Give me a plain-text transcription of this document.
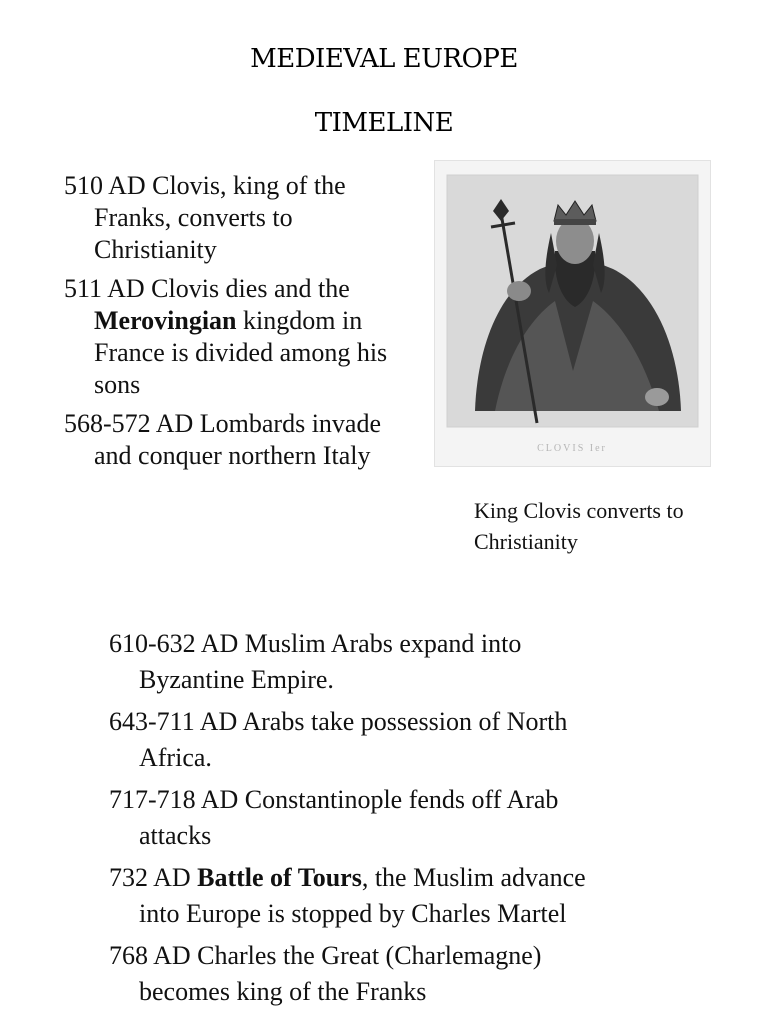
MEDIEVAL EUROPE
TIMELINE
510 AD Clovis, king of the Franks, converts to Christianity
511 AD Clovis dies and the Merovingian kingdom in France is divided among his sons
568-572 AD Lombards invade and conquer northern Italy	CLOVIS Ier
King Clovis converts to Christianity
610-632 AD Muslim Arabs expand into Byzantine Empire.
643-711 AD Arabs take possession of North Africa.
717-718 AD Constantinople fends off Arab attacks
732 AD Battle of Tours, the Muslim advance into Europe is stopped by Charles Martel
768 AD Charles the Great (Charlemagne) becomes king of the Franks
